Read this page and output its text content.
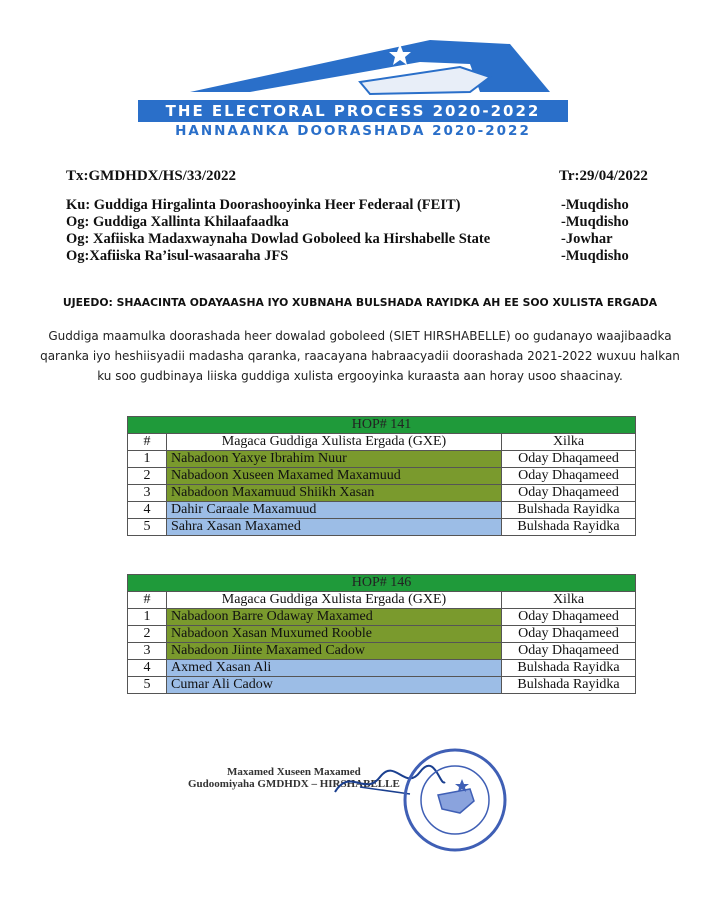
THE ELECTORAL PROCESS 2020-2022
HANNAANKA DOORASHADA 2020-2022
Tx:GMDHDX/HS/33/2022	Tr:29/04/2022
Ku: Guddiga Hirgalinta Doorashooyinka Heer Federaal (FEIT)	-Muqdisho
Og: Guddiga Xallinta Khilaafaadka	-Muqdisho
Og: Xafiiska Madaxwaynaha Dowlad Goboleed ka Hirshabelle State	-Jowhar
Og:Xafiiska Ra’isul-wasaaraha JFS	-Muqdisho
UJEEDO: SHAACINTA ODAYAASHA IYO XUBNAHA BULSHADA RAYIDKA AH EE SOO XULISTA ERGADA
Guddiga maamulka doorashada heer dowalad goboleed (SIET HIRSHABELLE) oo gudanayo waajibaadka qaranka iyo heshiisyadii madasha qaranka, raacayana habraacyadii doorashada 2021-2022 wuxuu halkan ku soo gudbinaya liiska guddiga xulista ergooyinka kuraasta aan horay usoo shaacinay.
HOP# 141		
#	Magaca Guddiga Xulista Ergada (GXE)	Xilka
1	Nabadoon Yaxye Ibrahim Nuur	Oday Dhaqameed
2	Nabadoon Xuseen Maxamed Maxamuud	Oday Dhaqameed
3	Nabadoon Maxamuud Shiikh Xasan	Oday Dhaqameed
4	Dahir Caraale Maxamuud	Bulshada Rayidka
5	Sahra Xasan Maxamed	Bulshada Rayidka
HOP# 146		
#	Magaca Guddiga Xulista Ergada (GXE)	Xilka
1	Nabadoon Barre Odaway Maxamed	Oday Dhaqameed
2	Nabadoon Xasan Muxumed Rooble	Oday Dhaqameed
3	Nabadoon Jiinte Maxamed Cadow	Oday Dhaqameed
4	Axmed Xasan Ali	Bulshada Rayidka
5	Cumar Ali Cadow	Bulshada Rayidka
Maxamed Xuseen Maxamed
Gudoomiyaha GMDHDX – HIRSHABELLE
